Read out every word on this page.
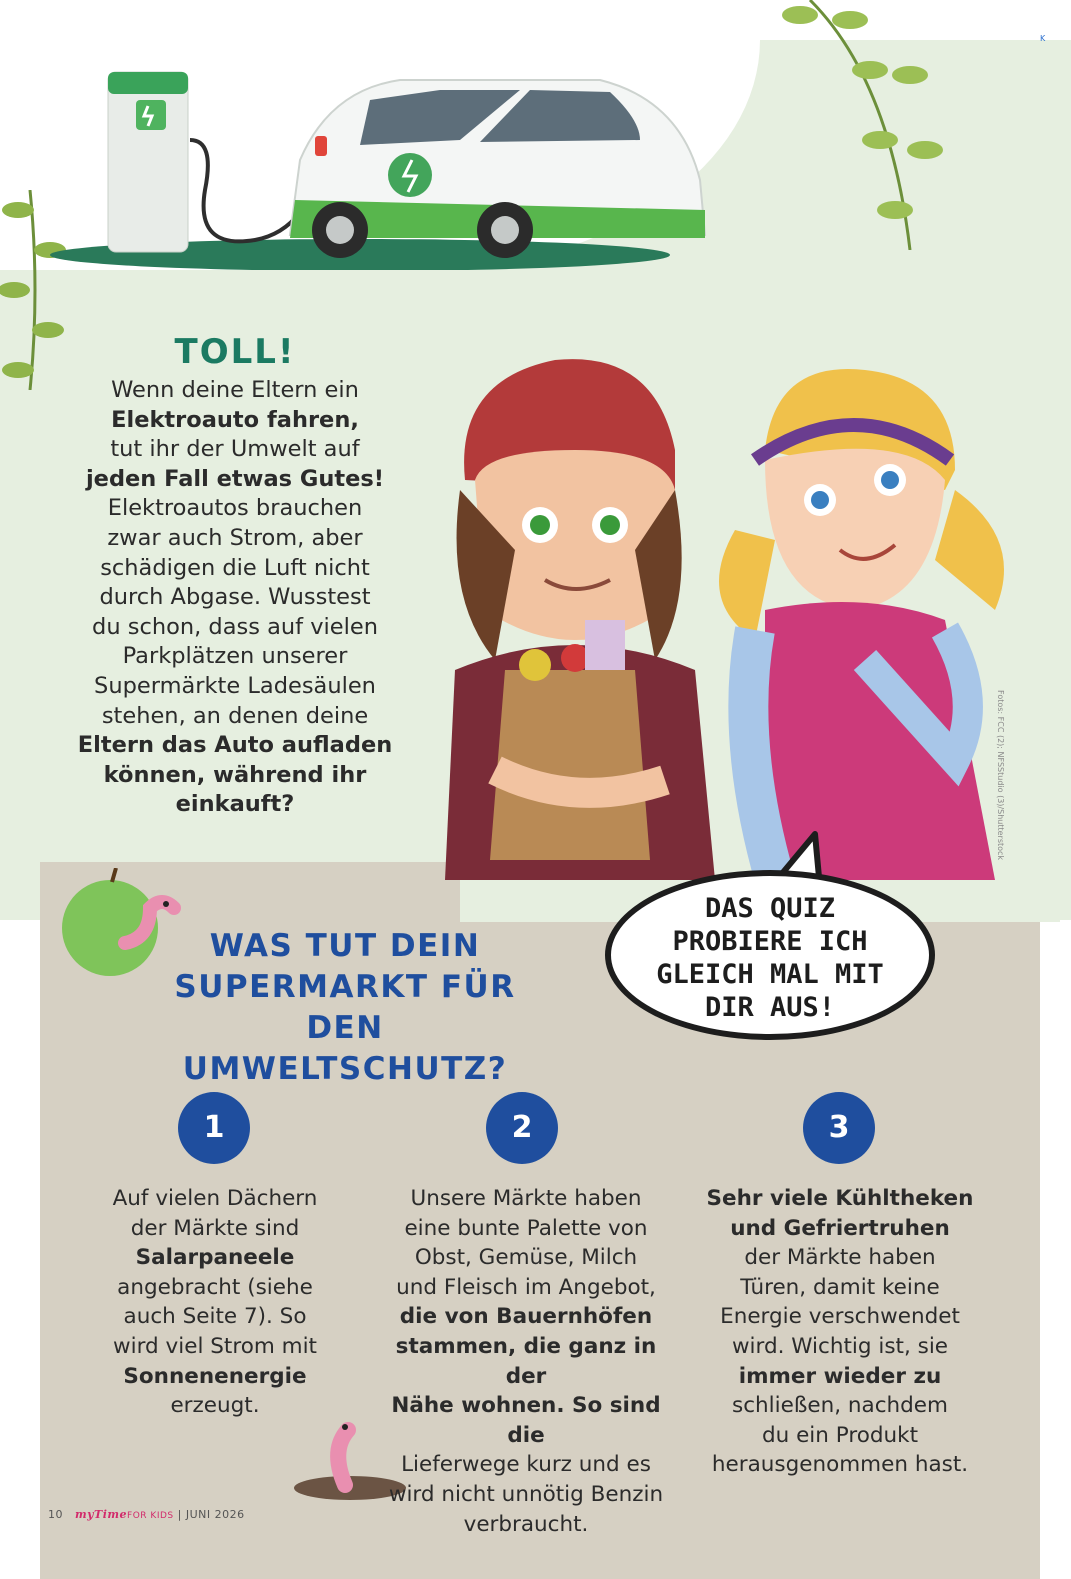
TOLL!

Wenn deine Eltern ein

Elektroauto fahren,

tut ihr der Umwelt auf

jeden Fall etwas Gutes!

Elektroautos brauchen

zwar auch Strom, aber

schädigen die Luft nicht

durch Abgase. Wusstest

du schon, dass auf vielen

Parkplätzen unserer

Supermärkte Ladesäulen

stehen, an denen deine

Eltern das Auto aufladen

können, während ihr

einkauft?

DAS QUIZ
PROBIERE ICH
GLEICH MAL MIT
DIR AUS!
WAS TUT DEIN
SUPERMARKT FÜR
DEN UMWELTSCHUTZ?
1	2	3

Auf vielen Dächern

der Märkte sind

Salarpaneele

angebracht (siehe

auch Seite 7). So

wird viel Strom mit

Sonnenenergie

erzeugt.

Unsere Märkte haben

eine bunte Palette von

Obst, Gemüse, Milch

und Fleisch im Angebot,

die von Bauernhöfen

stammen, die ganz in der

Nähe wohnen. So sind die

Lieferwege kurz und es

wird nicht unnötig Benzin

verbraucht.

Sehr viele Kühltheken

und Gefriertruhen

der Märkte haben

Türen, damit keine

Energie verschwendet

wird. Wichtig ist, sie

immer wieder zu

schließen, nachdem

du ein Produkt

herausgenommen hast.

10 myTimeFOR KIDS | JUNI 2026
Fotos: FCC (2); NFSStudio (3)/Shutterstock
K
